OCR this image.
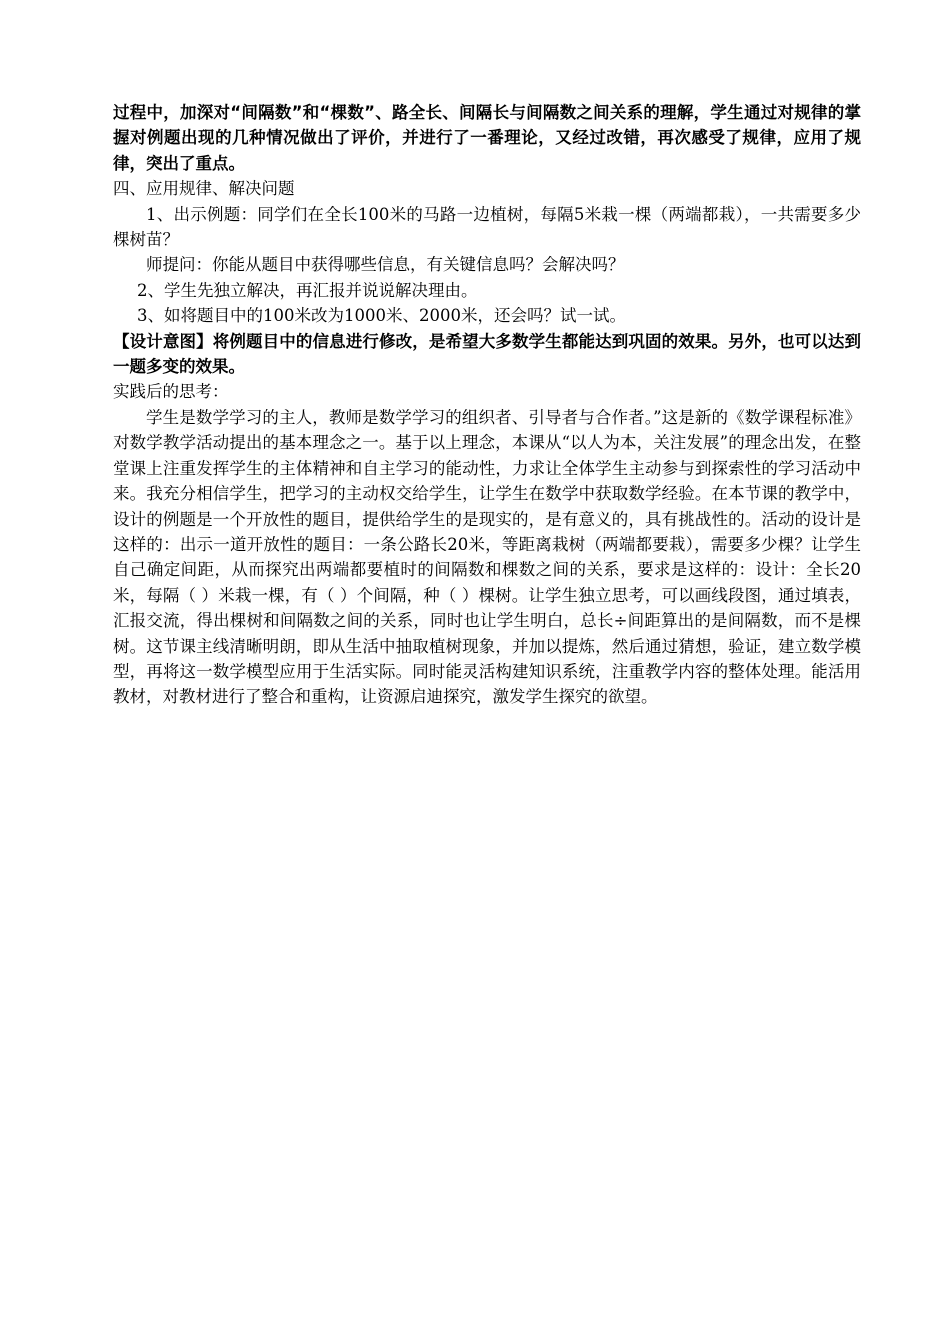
过程中，加深对“间隔数”和“棵数”、路全长、间隔长与间隔数之间关系的理解，学生通过对规律的掌握对例题出现的几种情况做出了评价，并进行了一番理论，又经过改错，再次感受了规律，应用了规律，突出了重点。

四、应用规律、解决问题

1、出示例题：同学们在全长100米的马路一边植树，每隔5米栽一棵（两端都栽），一共需要多少棵树苗？

师提问：你能从题目中获得哪些信息，有关键信息吗？会解决吗？

2、学生先独立解决，再汇报并说说解决理由。

3、如将题目中的100米改为1000米、2000米，还会吗？试一试。

【设计意图】将例题目中的信息进行修改，是希望大多数学生都能达到巩固的效果。另外，也可以达到一题多变的效果。

实践后的思考：

学生是数学学习的主人，教师是数学学习的组织者、引导者与合作者。”这是新的《数学课程标准》对数学教学活动提出的基本理念之一。基于以上理念，本课从“以人为本，关注发展”的理念出发，在整堂课上注重发挥学生的主体精神和自主学习的能动性，力求让全体学生主动参与到探索性的学习活动中来。我充分相信学生，把学习的主动权交给学生，让学生在数学中获取数学经验。在本节课的教学中，设计的例题是一个开放性的题目，提供给学生的是现实的，是有意义的，具有挑战性的。活动的设计是这样的：出示一道开放性的题目：一条公路长20米，等距离栽树（两端都要栽），需要多少棵？让学生自己确定间距，从而探究出两端都要植时的间隔数和棵数之间的关系，要求是这样的：设计：全长20米，每隔（ ）米栽一棵，有（ ）个间隔，种（ ）棵树。让学生独立思考，可以画线段图，通过填表，汇报交流，得出棵树和间隔数之间的关系，同时也让学生明白，总长÷间距算出的是间隔数，而不是棵树。这节课主线清晰明朗，即从生活中抽取植树现象，并加以提炼，然后通过猜想，验证，建立数学模型，再将这一数学模型应用于生活实际。同时能灵活构建知识系统，注重教学内容的整体处理。能活用教材，对教材进行了整合和重构，让资源启迪探究，激发学生探究的欲望。
